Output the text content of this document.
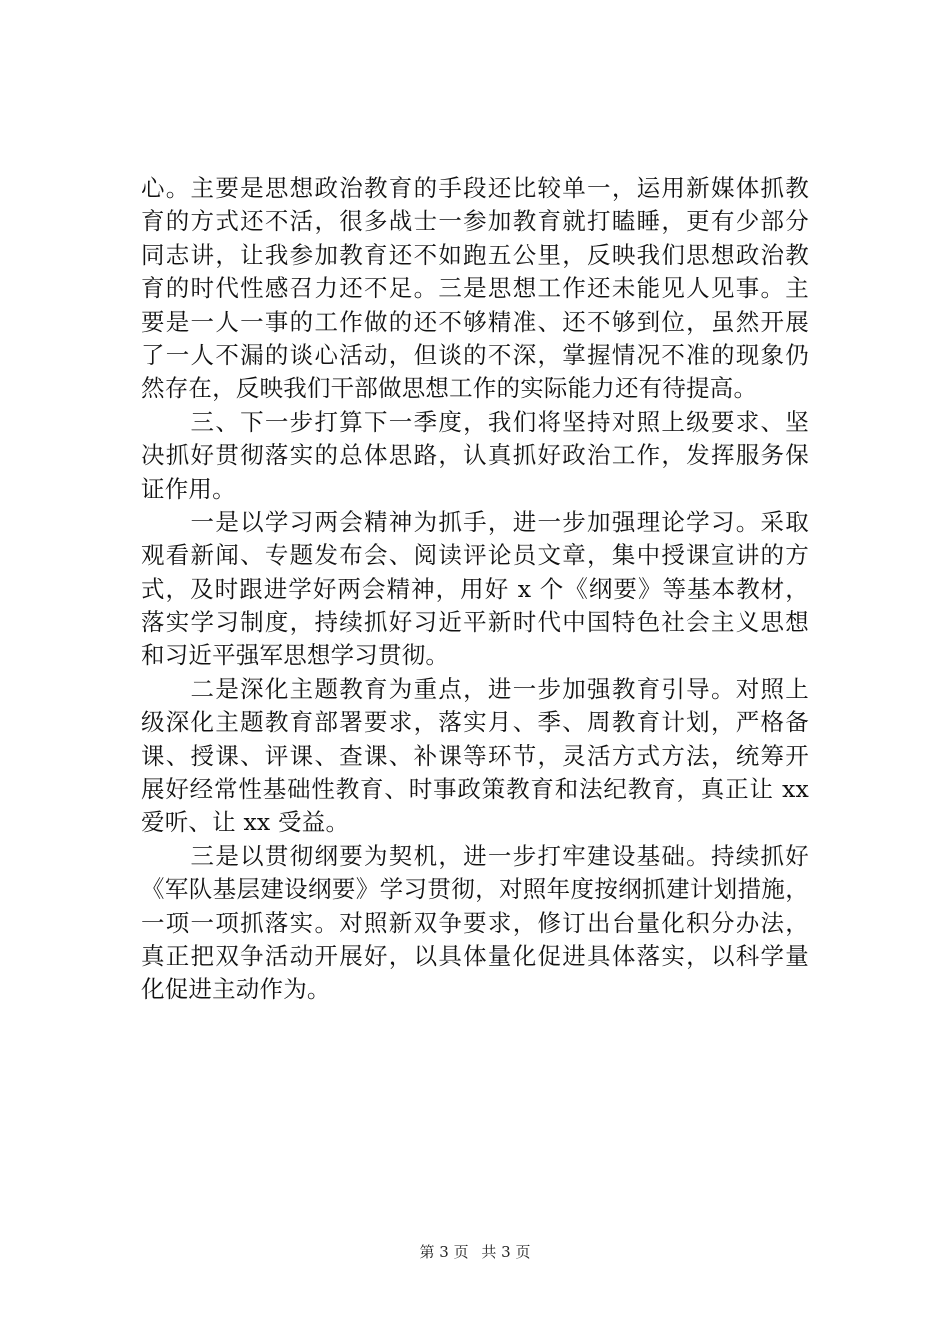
心。主要是思想政治教育的手段还比较单一，运用新媒体抓教
育的方式还不活，很多战士一参加教育就打瞌睡，更有少部分
同志讲，让我参加教育还不如跑五公里，反映我们思想政治教
育的时代性感召力还不足。三是思想工作还未能见人见事。主
要是一人一事的工作做的还不够精准、还不够到位，虽然开展
了一人不漏的谈心活动，但谈的不深，掌握情况不准的现象仍
然存在，反映我们干部做思想工作的实际能力还有待提高。
　　三、下一步打算下一季度，我们将坚持对照上级要求、坚
决抓好贯彻落实的总体思路，认真抓好政治工作，发挥服务保
证作用。
　　一是以学习两会精神为抓手，进一步加强理论学习。采取
观看新闻、专题发布会、阅读评论员文章，集中授课宣讲的方
式，及时跟进学好两会精神，用好 x 个《纲要》等基本教材，
落实学习制度，持续抓好习近平新时代中国特色社会主义思想
和习近平强军思想学习贯彻。
　　二是深化主题教育为重点，进一步加强教育引导。对照上
级深化主题教育部署要求，落实月、季、周教育计划，严格备
课、授课、评课、查课、补课等环节，灵活方式方法，统筹开
展好经常性基础性教育、时事政策教育和法纪教育，真正让 xx
爱听、让 xx 受益。
　　三是以贯彻纲要为契机，进一步打牢建设基础。持续抓好
《军队基层建设纲要》学习贯彻，对照年度按纲抓建计划措施，
一项一项抓落实。对照新双争要求，修订出台量化积分办法，
真正把双争活动开展好，以具体量化促进具体落实，以科学量
化促进主动作为。
第 3 页 共 3 页
